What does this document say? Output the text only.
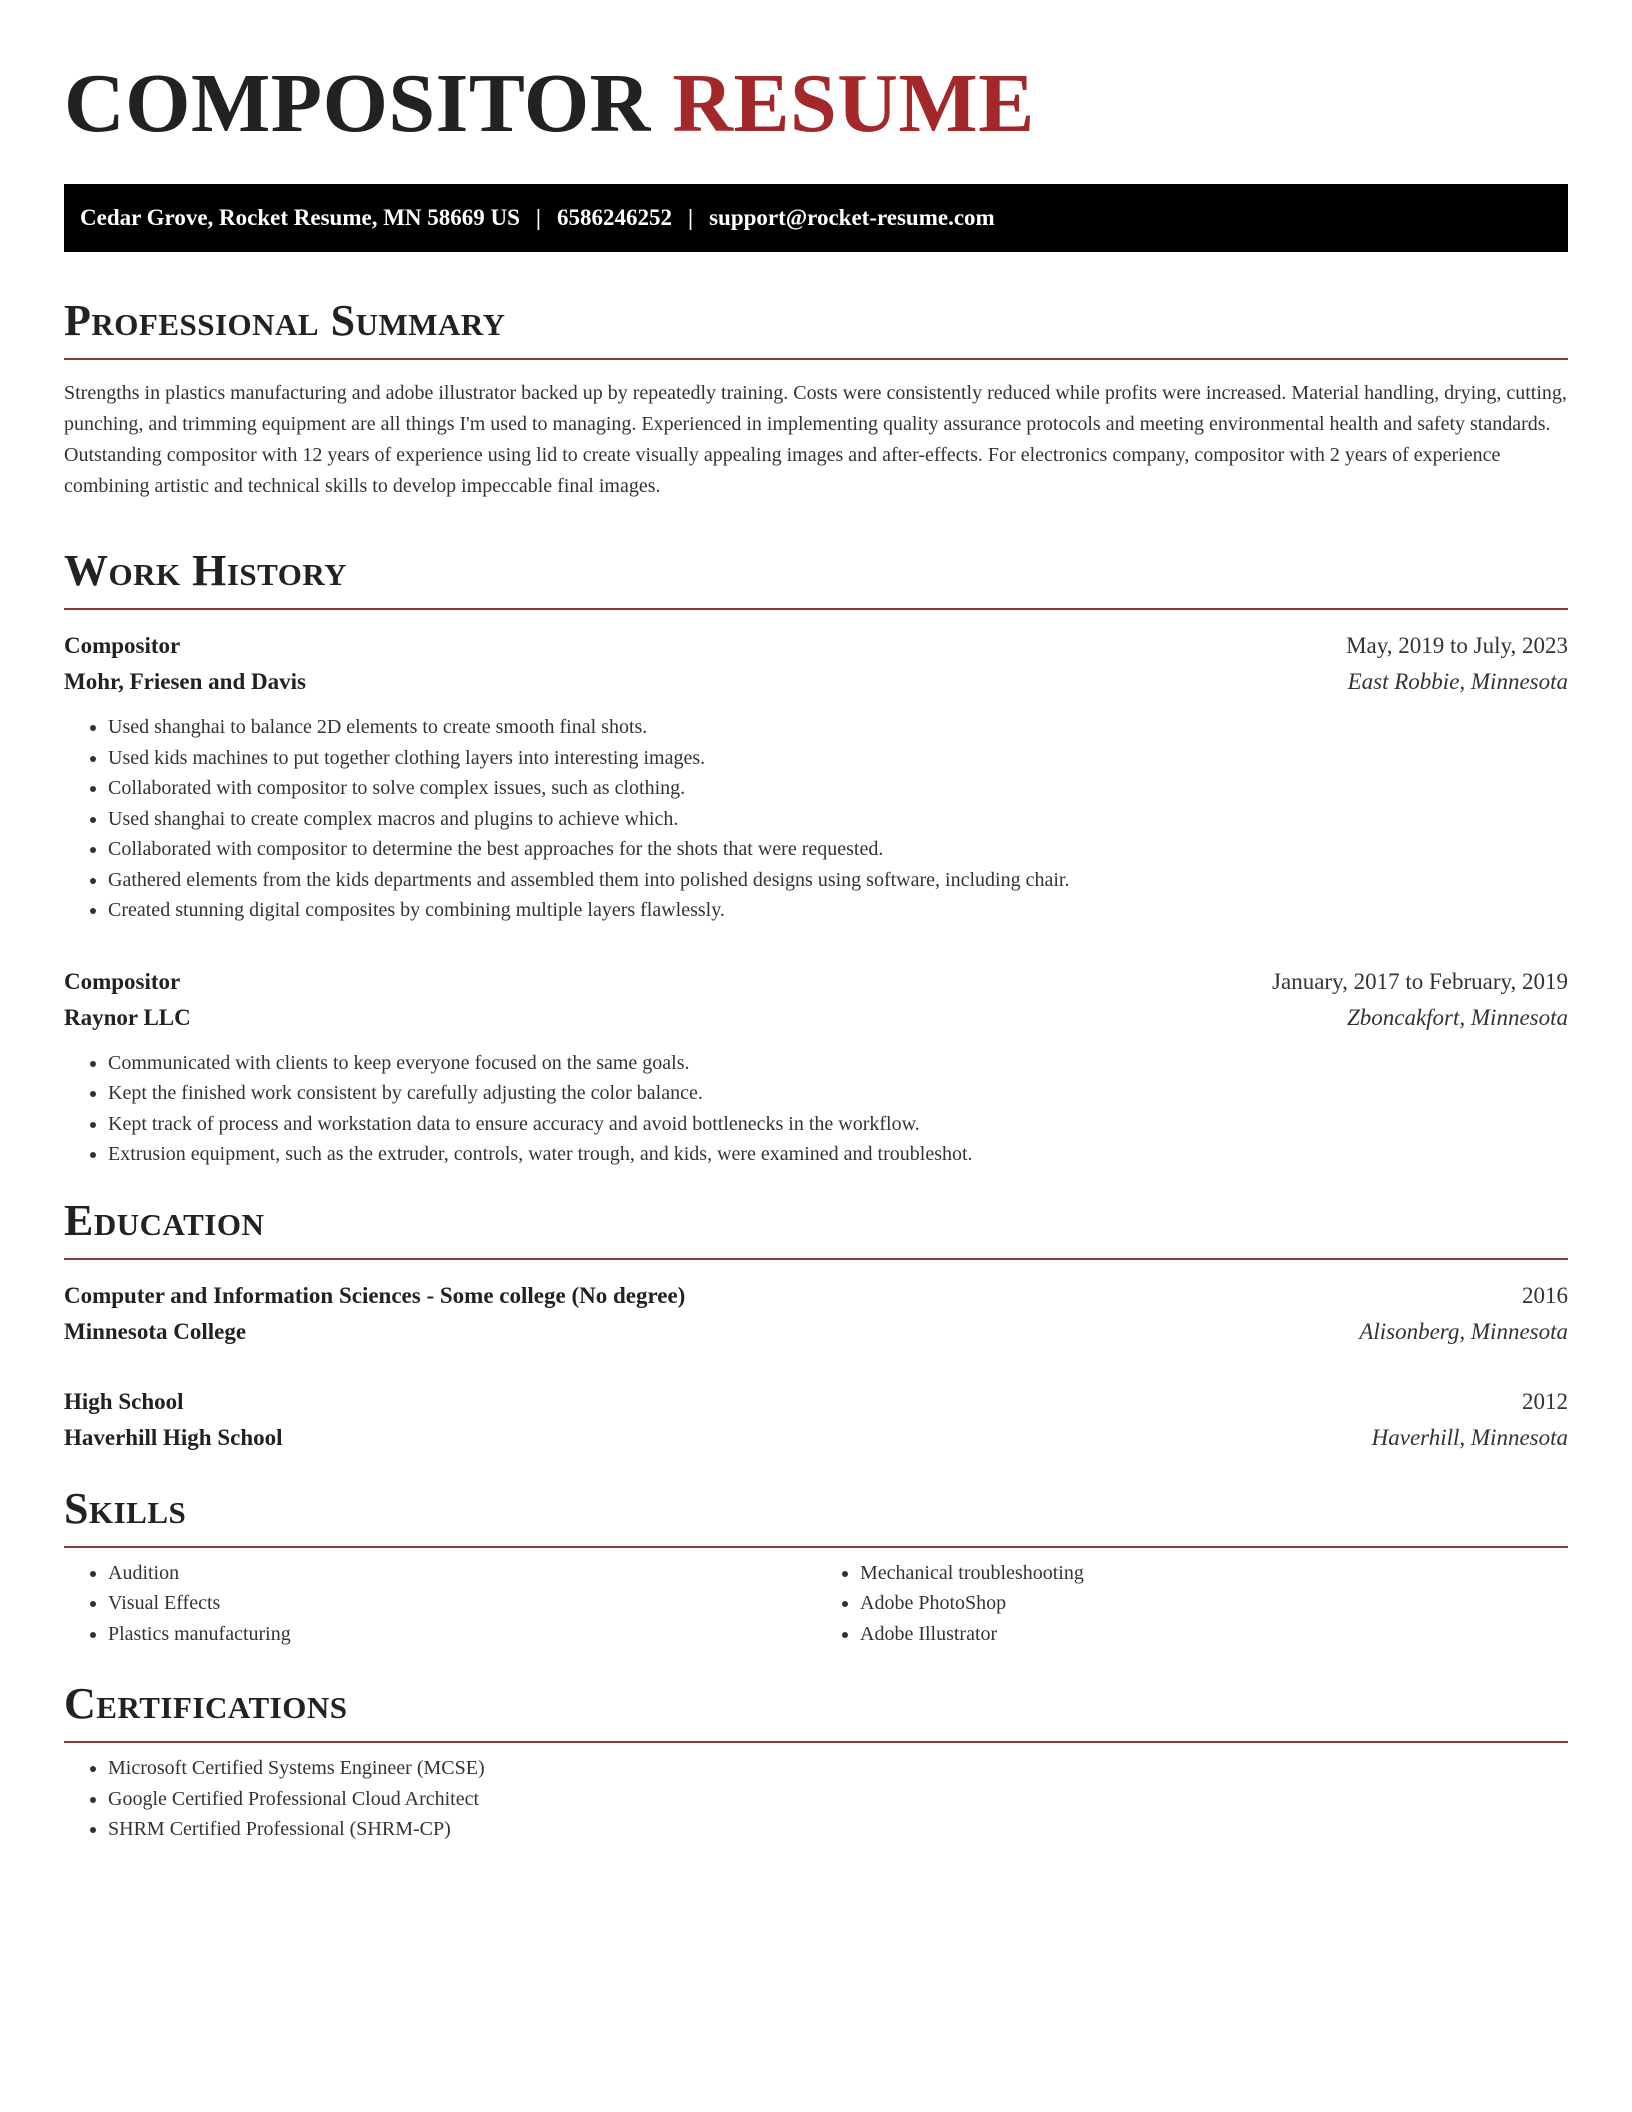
COMPOSITOR RESUME
Cedar Grove, Rocket Resume, MN 58669 US | 6586246252 | support@rocket-resume.com
Professional Summary

Strengths in plastics manufacturing and adobe illustrator backed up by repeatedly training. Costs were consistently reduced while profits were increased. Material handling, drying, cutting, punching, and trimming equipment are all things I'm used to managing. Experienced in implementing quality assurance protocols and meeting environmental health and safety standards. Outstanding compositor with 12 years of experience using lid to create visually appealing images and after-effects. For electronics company, compositor with 2 years of experience combining artistic and technical skills to develop impeccable final images.

Work History
Compositor	May, 2019 to July, 2023
Mohr, Friesen and Davis	East Robbie, Minnesota
• Used shanghai to balance 2D elements to create smooth final shots.
• Used kids machines to put together clothing layers into interesting images.
• Collaborated with compositor to solve complex issues, such as clothing.
• Used shanghai to create complex macros and plugins to achieve which.
• Collaborated with compositor to determine the best approaches for the shots that were requested.
• Gathered elements from the kids departments and assembled them into polished designs using software, including chair.
• Created stunning digital composites by combining multiple layers flawlessly.
Compositor	January, 2017 to February, 2019
Raynor LLC	Zboncakfort, Minnesota
• Communicated with clients to keep everyone focused on the same goals.
• Kept the finished work consistent by carefully adjusting the color balance.
• Kept track of process and workstation data to ensure accuracy and avoid bottlenecks in the workflow.
• Extrusion equipment, such as the extruder, controls, water trough, and kids, were examined and troubleshot.
Education
Computer and Information Sciences - Some college (No degree)	2016
Minnesota College	Alisonberg, Minnesota
High School	2012
Haverhill High School	Haverhill, Minnesota
Skills
• Audition
• Visual Effects
• Plastics manufacturing
• Mechanical troubleshooting
• Adobe PhotoShop
• Adobe Illustrator
Certifications
• Microsoft Certified Systems Engineer (MCSE)
• Google Certified Professional Cloud Architect
• SHRM Certified Professional (SHRM-CP)
